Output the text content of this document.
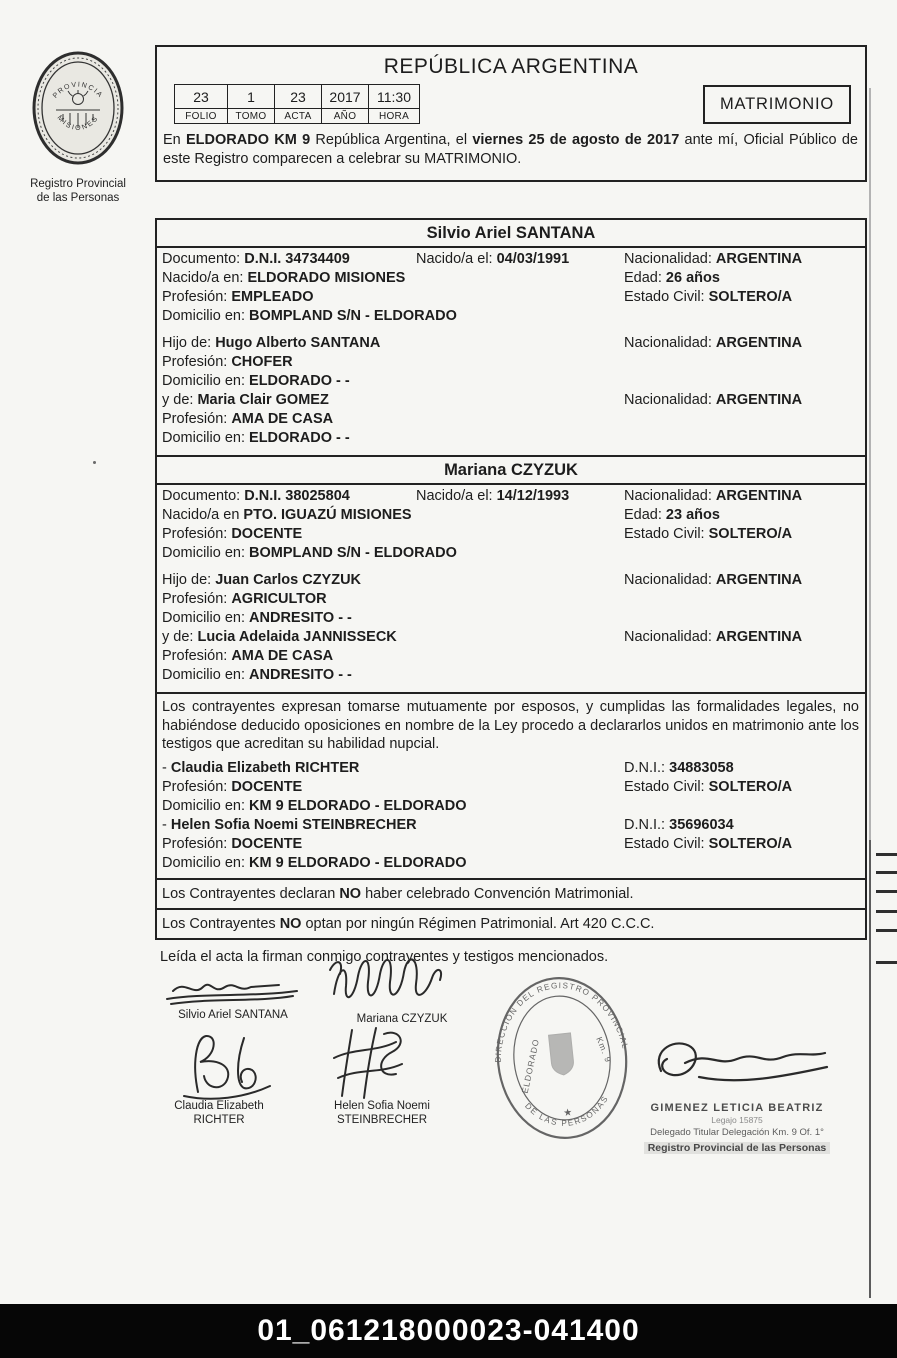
PROVINCIA
MISIONES
Registro Provincial
de las Personas
REPÚBLICA ARGENTINA
23	1	23	2017	11:30
FOLIO	TOMO	ACTA	AÑO	HORA
MATRIMONIO
En ELDORADO KM 9 República Argentina, el viernes 25 de agosto de 2017 ante mí, Oficial Público de este Registro comparecen a celebrar su MATRIMONIO.
Silvio Ariel SANTANA
Documento: D.N.I. 34734409	Nacido/a el: 04/03/1991	Nacionalidad: ARGENTINA
Nacido/a en: ELDORADO MISIONES	Edad: 26 años
Profesión: EMPLEADO	Estado Civil: SOLTERO/A
Domicilio en: BOMPLAND S/N - ELDORADO
Hijo de: Hugo Alberto SANTANA	Nacionalidad: ARGENTINA
Profesión: CHOFER
Domicilio en: ELDORADO - -
y de: Maria Clair GOMEZ	Nacionalidad: ARGENTINA
Profesión: AMA DE CASA
Domicilio en: ELDORADO - -
Mariana CZYZUK
Documento: D.N.I. 38025804	Nacido/a el: 14/12/1993	Nacionalidad: ARGENTINA
Nacido/a en PTO. IGUAZÚ MISIONES	Edad: 23 años
Profesión: DOCENTE	Estado Civil: SOLTERO/A
Domicilio en: BOMPLAND S/N - ELDORADO
Hijo de: Juan Carlos CZYZUK	Nacionalidad: ARGENTINA
Profesión: AGRICULTOR
Domicilio en: ANDRESITO - -
y de: Lucia Adelaida JANNISSECK	Nacionalidad: ARGENTINA
Profesión: AMA DE CASA
Domicilio en: ANDRESITO - -
Los contrayentes expresan tomarse mutuamente por esposos, y cumplidas las formalidades legales, no habiéndose deducido oposiciones en nombre de la Ley procedo a declararlos unidos en matrimonio ante los testigos que acreditan su habilidad nupcial.
- Claudia Elizabeth RICHTER	D.N.I.: 34883058
Profesión: DOCENTE	Estado Civil: SOLTERO/A
Domicilio en: KM 9 ELDORADO - ELDORADO
- Helen Sofia Noemi STEINBRECHER	D.N.I.: 35696034
Profesión: DOCENTE	Estado Civil: SOLTERO/A
Domicilio en: KM 9 ELDORADO - ELDORADO
Los Contrayentes declaran NO haber celebrado Convención Matrimonial.
Los Contrayentes NO optan por ningún Régimen Patrimonial. Art 420 C.C.C.
Leída el acta la firman conmigo contrayentes y testigos mencionados.
Silvio Ariel SANTANA	Mariana CZYZUK
Claudia Elizabeth
RICHTER
Helen Sofia Noemi
STEINBRECHER
DIRECCIÓN DEL REGISTRO PROVINCIAL
DE LAS PERSONAS
ELDORADO	Km. 9
★	GIMENEZ LETICIA BEATRIZ
Legajo 15875
Delegado Titular Delegación Km. 9 Of. 1°
Registro Provincial de las Personas
01_061218000023-041400
